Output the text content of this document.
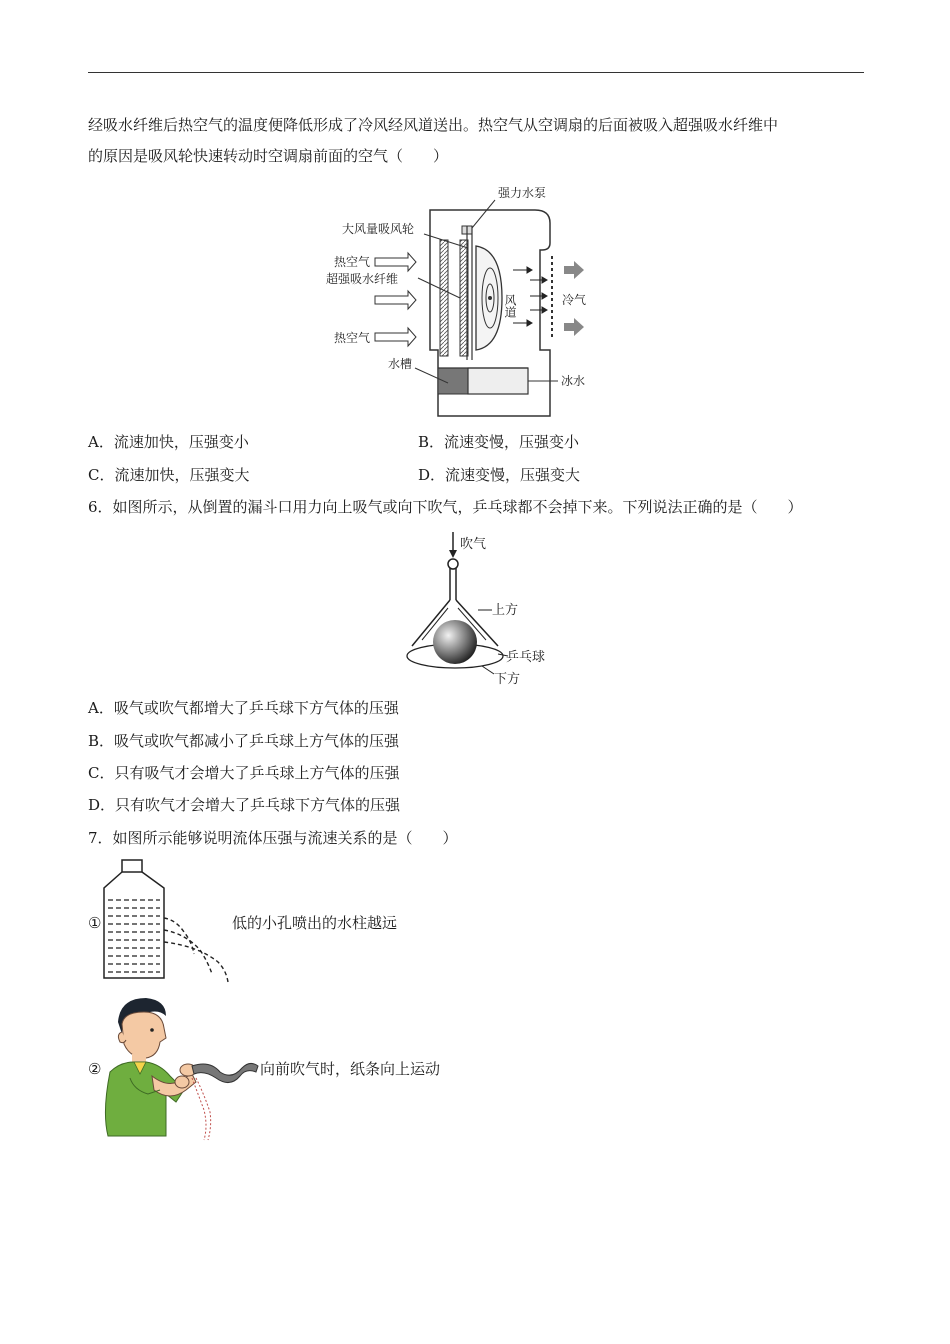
经吸水纤维后热空气的温度便降低形成了冷风经风道送出。热空气从空调扇的后面被吸入超强吸水纤维中
的原因是吸风轮快速转动时空调扇前面的空气（　　）
强力水泵
大风量吸风轮
热空气
超强吸水纤维
热空气
风道	冷气
水槽
冰水
A．流速加快，压强变小	B．流速变慢，压强变小
C．流速加快，压强变大	D．流速变慢，压强变大
6．如图所示，从倒置的漏斗口用力向上吸气或向下吹气，乒乓球都不会掉下来。下列说法正确的是（　　）
吹气
上方
乒乓球
下方
A．吸气或吹气都增大了乒乓球下方气体的压强
B．吸气或吹气都减小了乒乓球上方气体的压强
C．只有吸气才会增大了乒乓球上方气体的压强
D．只有吹气才会增大了乒乓球下方气体的压强
7．如图所示能够说明流体压强与流速关系的是（　　）
①	低的小孔喷出的水柱越远
②	向前吹气时，纸条向上运动
